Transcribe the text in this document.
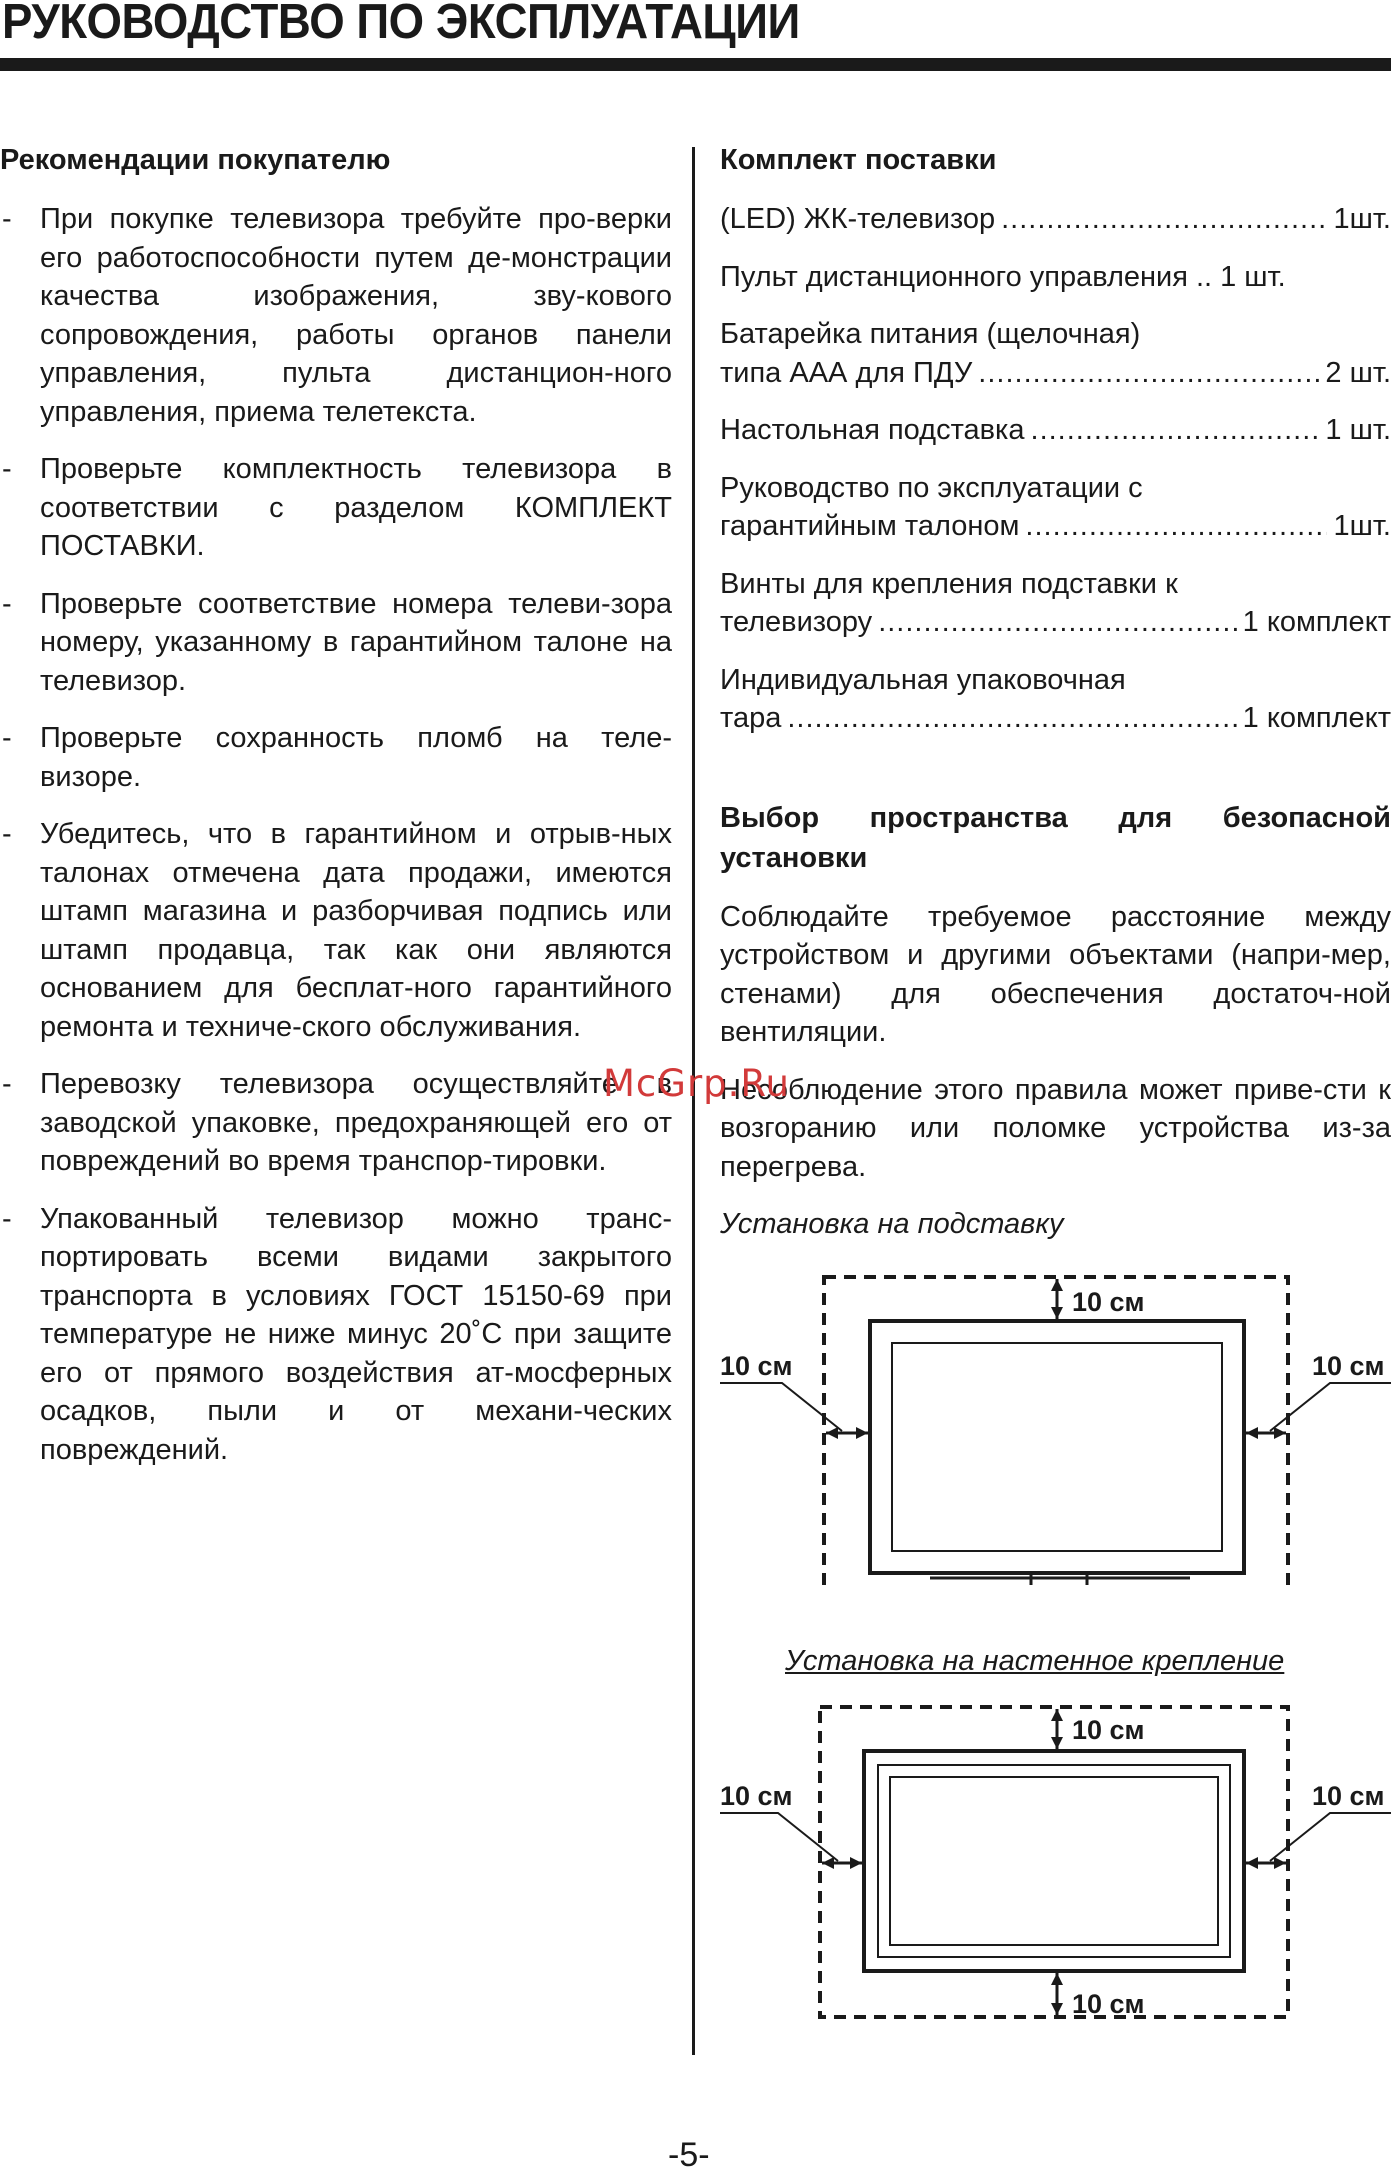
РУКОВОДСТВО ПО ЭКСПЛУАТАЦИИ

Рекомендации покупателю

- При покупке телевизора требуйте про-верки его работоспособности путем де-монстрации качества изображения, зву-кового сопровождения, работы органов панели управления, пульта дистанцион-ного управления, приема телетекста.
- Проверьте комплектность телевизора в соответствии с разделом КОМПЛЕКТ ПОСТАВКИ.
- Проверьте соответствие номера телеви-зора номеру, указанному в гарантийном талоне на телевизор.
- Проверьте сохранность пломб на теле-визоре.
- Убедитесь, что в гарантийном и отрыв-ных талонах отмечена дата продажи, имеются штамп магазина и разборчивая подпись или штамп продавца, так как они являются основанием для бесплат-ного гарантийного ремонта и техниче-ского обслуживания.
- Перевозку телевизора осуществляйте в заводской упаковке, предохраняющей его от повреждений во время транспор-тировки.
- Упакованный телевизор можно транс-портировать всеми видами закрытого транспорта в условиях ГОСТ 15150-69 при температуре не ниже минус 20˚С при защите его от прямого воздействия ат-мосферных осадков, пыли и от механи-ческих повреждений.

Комплект поставки

(LED) ЖК-телевизор .....	1шт.
Пульт дистанционного управления .. 1 шт.
Батарейка питания (щелочная)
типа ААА для ПДУ .....	2 шт.
Настольная подставка .....	1 шт.
Руководство по эксплуатации с
гарантийным талоном .....	1шт.
Винты для крепления подставки к
телевизору .....	1 комплект
Индивидуальная упаковочная
тара .....	1 комплект

Выбор пространства для безопасной
установки

Соблюдайте требуемое расстояние между устройством и другими объектами (напри-мер, стенами) для обеспечения достаточ-ной вентиляции.

Несоблюдение этого правила может приве-сти к возгоранию или поломке устройства из-за перегрева.

Установка на подставку

10 см
10 см	10 см

Установка на настенное крепление

10 см
10 см
10 см	10 см
McGrp.Ru
-5-
